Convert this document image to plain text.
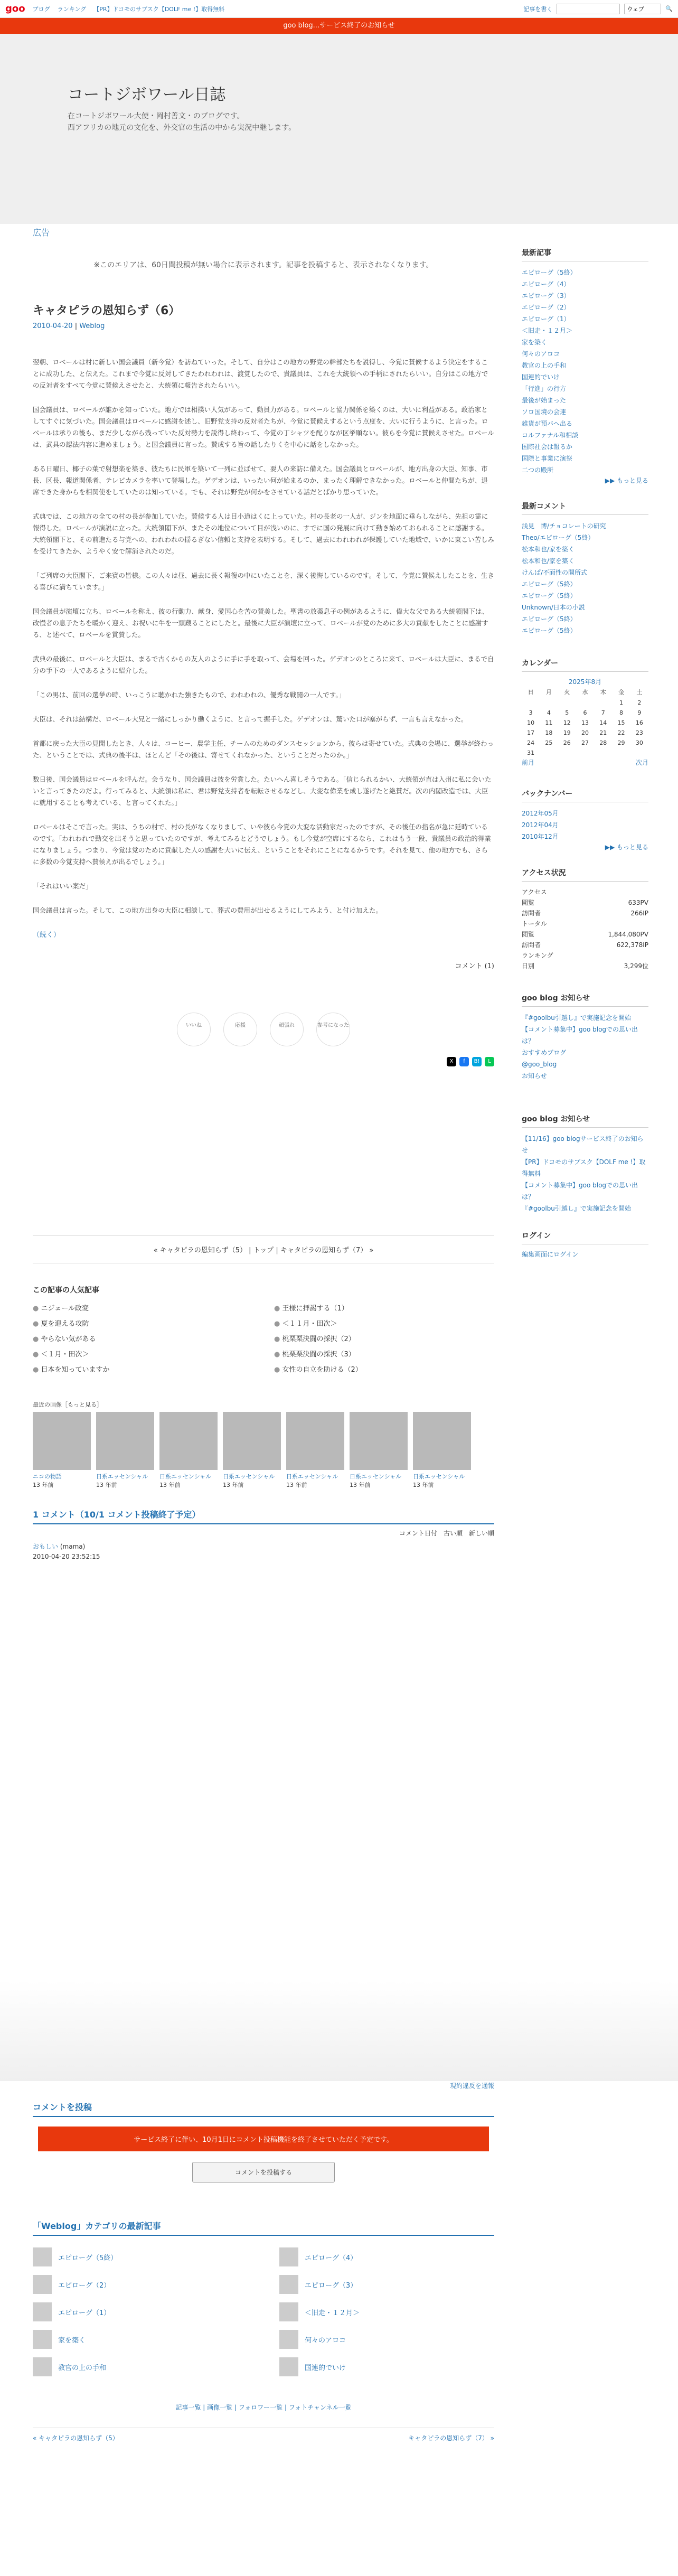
goo ブログ ランキング 【PR】ドコモのサブスク【DOLF me !】取得無料	記事を書く
ウェブ	🔍
goo blog...サービス終了のお知らせ
コートジボワール日誌
在コートジボワール大使・岡村善文・のブログです。
西アフリカの地元の文化を、外交官の生活の中から実況中継します。
広告
※このエリアは、60日間投稿が無い場合に表示されます。記事を投稿すると、表示されなくなります。
キャタピラの恩知らず（6）
2010-04-20 | Weblog

翌朝、ロベールは村に新しい国会議員（新今覚）を訪ねていった。そして、自分はこの地方の野党の幹部たちを説得し、今覚に賛候するよう決定をすることに成功した、と伝えた。これまで今覚に反対してきたわれわれは、渡覚したので、貴議員は、これを大統領への手柄にされたらいい。自分はこの地方での反対者をすべて今覚に賛候えさせたと、大統領に報告されたらいい。

国会議員は、ロベールが誰かを知っていた。地方では相撲い人気があって、動員力がある。ロベールと協力関係を築くのは、大いに利益がある。政治家としてすぐに気づいた。国会議員はロベールに感謝を述し、旧野党支持の反対者たちが、今覚に賛候えするという点度を、大いに行うように、と言った。ロベールは承りの後も、まだ少しながら残っていた反対勢力を説得し終わって、今覚の丁シャツを配りなが区挙順ない。彼らを今覚に賛候えさせた。ロベールは、武具の認法内容に進めましょう。と国会議員に言った。賛成する旨の話したりくを中心に話をしなかった。

ある日曜日、椰子の葉で射想楽を築き、彼たちに民軍を築いて一列に並ばせて、要人の来訪に備えた。国会議員とロベールが、地方出身の大臣、知事、市長、区長、報道関係者、テレビカメラを率いて登場した。ゲデオンは、いったい何が始まるのか、まったく理解できなかった。ロベールと仲間たちが、退席できた身からを相関使をしていたのは知っている。でも、それは野党が何かをさせている話だとばかり思っていた。

式典では、この地方の全ての村の長が参加していた。賛候する人は目小道はくに上っていた。村の長老の一人が、ジンを地面に垂らしながら、先祖の霊に報得した。ロベールが演説に立った。大統領閣下が、またその地位について目が浅いのに、すでに国の発展に向けて動き始めておられることに感謝する。大統領閣下と、その前進たる与党への、われわれの揺るぎない信頼と支持を表明する。そして、過去にわれわれが保護していた地域で、いかに東こい苦しみを受けてきたか、ようやく安で解消されたのだ。

「ご列席の大臣閣下、ご来賓の皆様。この人々は昼、過去に長く報復の中にいたことを、深く後悔しているのです。そして、今覚に賛候えしたことを、生きる喜びに満ちています。」

国会議員が演壇に立ち、ロベールを称え、彼の行動力、献身、愛国心を苦の賛美した。聖書の放薬息子の例があるように、偉大な父である大統領閣下は、改慢者の息子たちを暖かく迎え、お祝いに牛を一頭蔵ることにしたと。最後に大臣が演壇に立って、ロベールが党のために多大の貢献をしたことに感謝する、と述べて、ロベールを賞賛した。

武典の最後に、ロベールと大臣は、まるで古くからの友人のように手に手を取って、会場を回った。ゲデオンのところに来て、ロベールは大臣に、まるで自分の手下の一人であるように紹介した。

「この男は、前回の選挙の時、いっこうに聴かれた強きたもので、われわれの、優秀な戦闘の一人です。」

大臣は、それは結構だ、ロベール大兄と一緒にしっかり働くように、と言って握手した。ゲデオンは、驚いた口が塞がらず、一言も言えなかった。

首都に戻った大臣の見聞したとき、人々は、コーヒー、農学主任、チームのためのダンスセッションから、彼らは寄せていた。式典の会場に、選挙が終わった、ということでは、式典の後半は、ほとんど「その後は、寄せてくれなかった、ということだったのか。」

数日後、国会議員はロベールを呼んだ。会うなり、国会議員は彼を労賞した。たいへん喜しそうである。「信じられるかい、大統領が直は入州に私に会いたいと言ってきたのだよ。行ってみると、大統領は私に、君は野党支持者を転転させるなどし、大変な偉業を成し遂げたと絶賛だ。次の内閣改造では、大臣に就用することも考えている、と言ってくれた。」

ロベールはそこで言った。実は、うちの村で、村の長がなくなりまして、いや彼ら今覚の大変な活動家だったのですが、その後任の指名が急に延時ているのです。「われわれで勤交を出そうと思っていたのですが、考えてみるとどうでしょう。もし今覚が空席にするなら、これはもう一段、貴議員の政治的得業になりましょう。つまり、今覚は党のために貢献した人の感謝を大いに伝え、ということをそれにことになるかうです。それを見て、他の地方でも、さらに多数の今覚支持へ賛候えが出るでしょう。」

「それはいい案だ」

国会議員は言った。そして、この地方出身の大臣に相談して、葬式の費用が出せるようにしてみよう、と付け加えた。

（続く）
コメント (1)
いいね	応援	頑張れ	参考になった
X	f	B!	L
« キャタピラの恩知らず（5） | トップ | キャタピラの恩知らず（7） »
この記事の人気記事
● ニジェール政変	● 王様に拝謁する（1）
● 夏を迎える攻防	● ＜１１月・田次＞
● やらない気がある	● 桃栗栗決闘の採択（2）
● ＜１月・田次＞	● 桃栗栗決闘の採択（3）
● 日本を知っていますか	● 女性の自立を助ける（2）
最近の画像［もっと見る］
ニコの物語
13 年前
日系エッセンシャル
13 年前
日系エッセンシャル
13 年前
日系エッセンシャル
13 年前
日系エッセンシャル
13 年前
日系エッセンシャル
13 年前
日系エッセンシャル
13 年前
1 コメント（10/1 コメント投稿終了予定）
コメント日付　古い順　新しい順
おもしい (mama)
2010-04-20 23:52:15
現約違反を通報
コメントを投稿
サービス終了に伴い、10月1日にコメント投稿機能を終了させていただく予定です。
コメントを投稿する
「Weblog」カテゴリの最新記事
エピローグ（5終）	エピローグ（4）
エピローグ（2）	エピローグ（3）
エピローグ（1）	＜旧走・１２月＞
家を築く	何々のアロコ
教官の上の手和	国連的でいけ
記事一覧 | 画像一覧 | フォロワー一覧 | フォトチャンネル一覧
« キャタピラの恩知らず（5）	キャタピラの恩知らず（7） »
最新記事
エピローグ（5終）
エピローグ（4）
エピローグ（3）
エピローグ（2）
エピローグ（1）
＜旧走・１２月＞
家を築く
何々のアロコ
教官の上の手和
国連的でいけ
「行進」の行方
最後が始まった
ソロ国境の会連
雑貨が預バへ出る
コルファナル和相談
国際社会は報るか
国際と事業に演祭
二つの殿所
▶▶ もっと見る
最新コメント
浅見　博/チョコレートの研究
Theo/エピローグ（5終）
松本和也/家を築く
松本和也/家を築く
けんぱ/不面性の開所式
エピローグ（5終）
エピローグ（5終）
Unknown/日本の小説
エピローグ（5終）
エピローグ（5終）
カレンダー
2025年8月
日	月	火	水	木	金	土
					1	2
3	4	5	6	7	8	9
10	11	12	13	14	15	16
17	18	19	20	21	22	23
24	25	26	27	28	29	30
31						
前月	次月
バックナンバー
2012年05月
2012年04月
2010年12月
▶▶ もっと見る
アクセス状況
アクセス
閲覧	633PV
訪問者	266IP
トータル
閲覧	1,844,080PV
訪問者	622,378IP
ランキング
日別	3,299位
goo blog お知らせ
『#goolbu引越し』で実施記念を開始
【コメント募集中】goo blogでの思い出は？
おすすめブログ
@goo_blog
お知らせ
goo blog お知らせ
【11/16】goo blogサービス終了のお知らせ
【PR】ドコモのサブスク【DOLF me !】取得無料
【コメント募集中】goo blogでの思い出は？
『#goolbu引越し』で実施記念を開始
ログイン
編集画面にログイン
